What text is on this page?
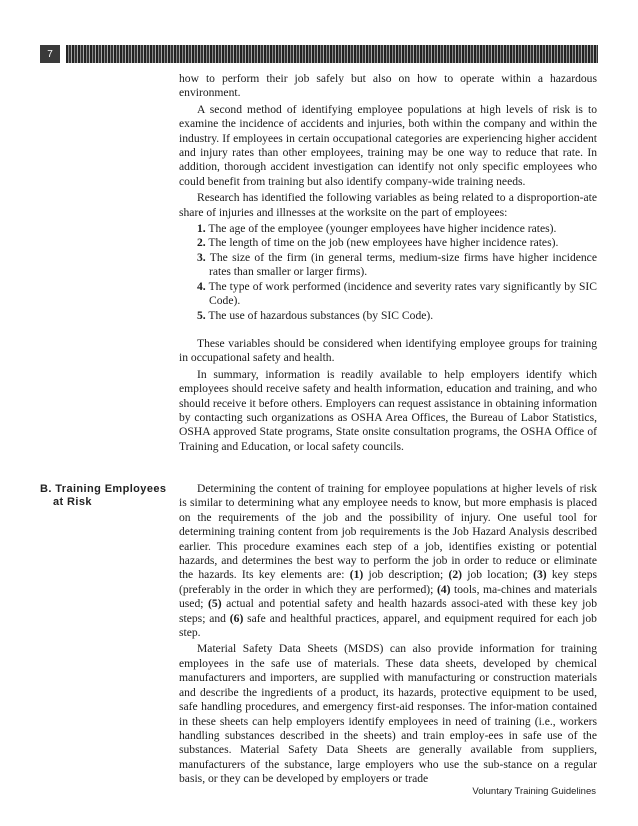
7

how to perform their job safely but also on how to operate within a hazardous environment.

A second method of identifying employee populations at high levels of risk is to examine the incidence of accidents and injuries, both within the company and within the industry. If employees in certain occupational categories are experiencing higher accident and injury rates than other employees, training may be one way to reduce that rate. In addition, thorough accident investigation can identify not only specific employees who could benefit from training but also identify company-wide training needs.

Research has identified the following variables as being related to a disproportion-ate share of injuries and illnesses at the worksite on the part of employees:

1. The age of the employee (younger employees have higher incidence rates).
2. The length of time on the job (new employees have higher incidence rates).
3. The size of the firm (in general terms, medium-size firms have higher incidence rates than smaller or larger firms).
4. The type of work performed (incidence and severity rates vary significantly by SIC Code).
5. The use of hazardous substances (by SIC Code).

These variables should be considered when identifying employee groups for training in occupational safety and health.

In summary, information is readily available to help employers identify which employees should receive safety and health information, education and training, and who should receive it before others. Employers can request assistance in obtaining information by contacting such organizations as OSHA Area Offices, the Bureau of Labor Statistics, OSHA approved State programs, State onsite consultation programs, the OSHA Office of Training and Education, or local safety councils.

B. Training Employees
at Risk

Determining the content of training for employee populations at higher levels of risk is similar to determining what any employee needs to know, but more emphasis is placed on the requirements of the job and the possibility of injury. One useful tool for determining training content from job requirements is the Job Hazard Analysis described earlier. This procedure examines each step of a job, identifies existing or potential hazards, and determines the best way to perform the job in order to reduce or eliminate the hazards. Its key elements are: (1) job description; (2) job location; (3) key steps (preferably in the order in which they are performed); (4) tools, ma-chines and materials used; (5) actual and potential safety and health hazards associ-ated with these key job steps; and (6) safe and healthful practices, apparel, and equipment required for each job step.

Material Safety Data Sheets (MSDS) can also provide information for training employees in the safe use of materials. These data sheets, developed by chemical manufacturers and importers, are supplied with manufacturing or construction materials and describe the ingredients of a product, its hazards, protective equipment to be used, safe handling procedures, and emergency first-aid responses. The infor-mation contained in these sheets can help employers identify employees in need of training (i.e., workers handling substances described in the sheets) and train employ-ees in safe use of the substances. Material Safety Data Sheets are generally available from suppliers, manufacturers of the substance, large employers who use the sub-stance on a regular basis, or they can be developed by employers or trade

Voluntary Training Guidelines
